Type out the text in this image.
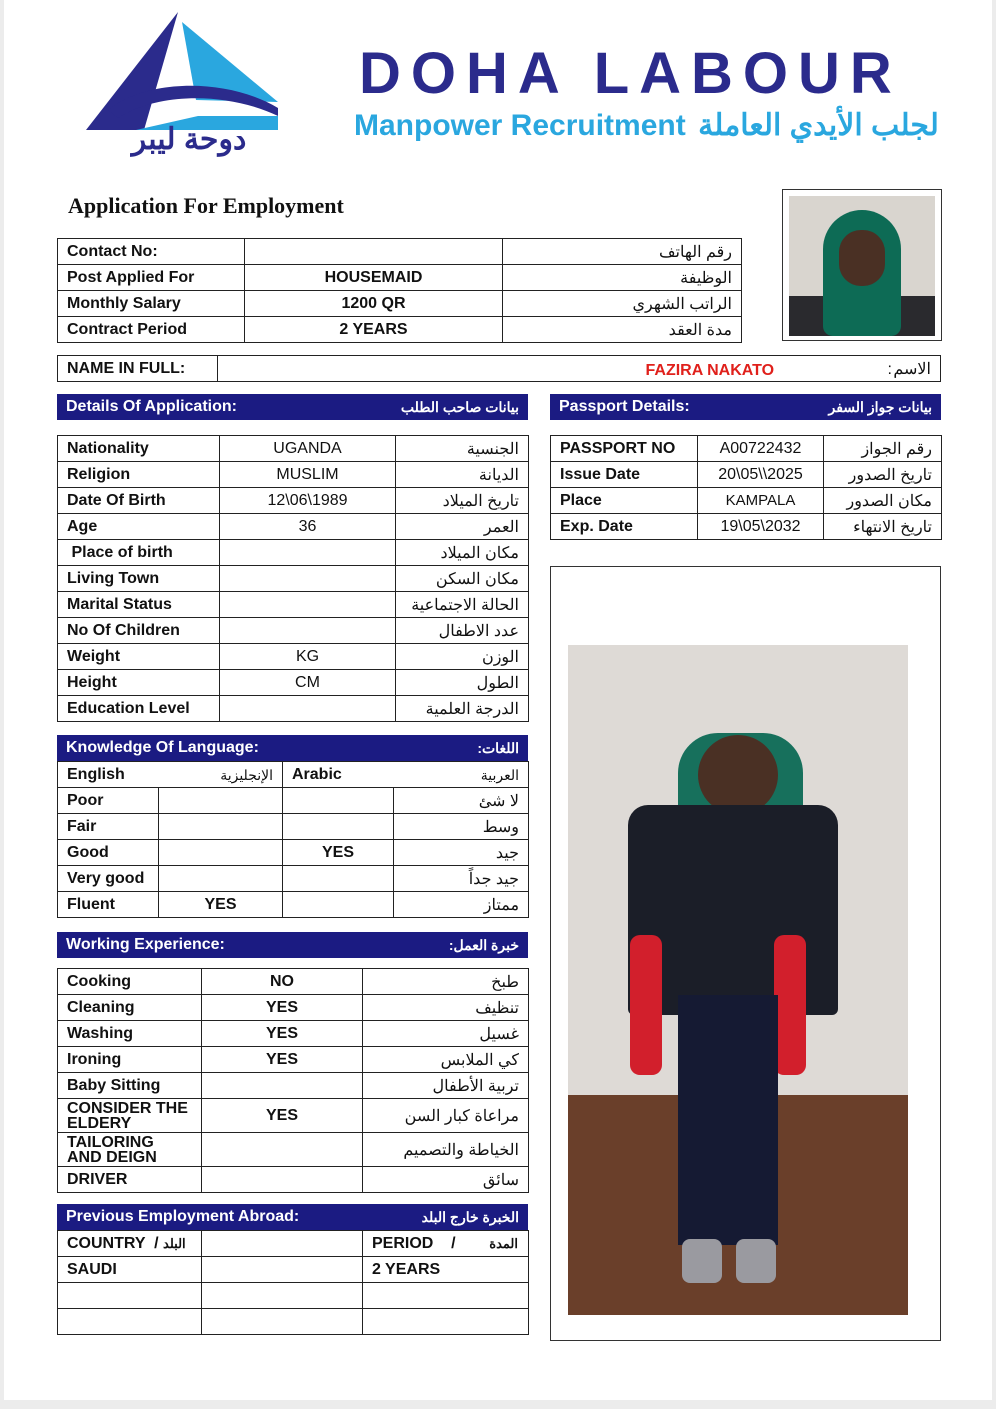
دوحة ليبر
DOHA LABOUR
Manpower Recruitment لجلب الأيدي العاملة
Application For Employment
Contact No:		رقم الهاتف
Post Applied For	HOUSEMAID	الوظيفة
Monthly Salary	1200 QR	الراتب الشهري
Contract Period	2 YEARS	مدة العقد
NAME IN FULL:	FAZIRA NAKATO	:	الاسم
Details Of Application:	بيانات صاحب الطلب	Passport Details:	بيانات جواز السفر
Nationality	UGANDA	الجنسية
Religion	MUSLIM	الديانة
Date Of Birth	12\06\1989	تاريخ الميلاد
Age	36	العمر
Place of birth		مكان الميلاد
Living Town		مكان السكن
Marital Status		الحالة الاجتماعية
No Of Children		عدد الاطفال
Weight	KG	الوزن
Height	CM	الطول
Education Level		الدرجة العلمية
PASSPORT NO	A00722432	رقم الجواز
Issue Date	20\05\\2025	تاريخ الصدور
Place	KAMPALA	مكان الصدور
Exp. Date	19\05\2032	تاريخ الانتهاء
Knowledge Of Language:	اللغات:
English الإنجليزية		Arabic العربية	

Poor			لا شئ
Fair			وسط
Good		YES	جيد
Very good			جيد جداً
Fluent	YES		ممتاز
Working Experience:	خبرة العمل:
Cooking	NO	طبخ
Cleaning	YES	تنظيف
Washing	YES	غسيل
Ironing	YES	كي الملابس
Baby Sitting		تربية الأطفال
CONSIDER THE ELDERY	YES	مراعاة كبار السن
TAILORING AND DEIGN		الخياطة والتصميم
DRIVER		سائق
Previous Employment Abroad:	الخبرة خارج البلد
COUNTRY  / البلد		PERIOD    / المدة

SAUDI		2 YEARS
